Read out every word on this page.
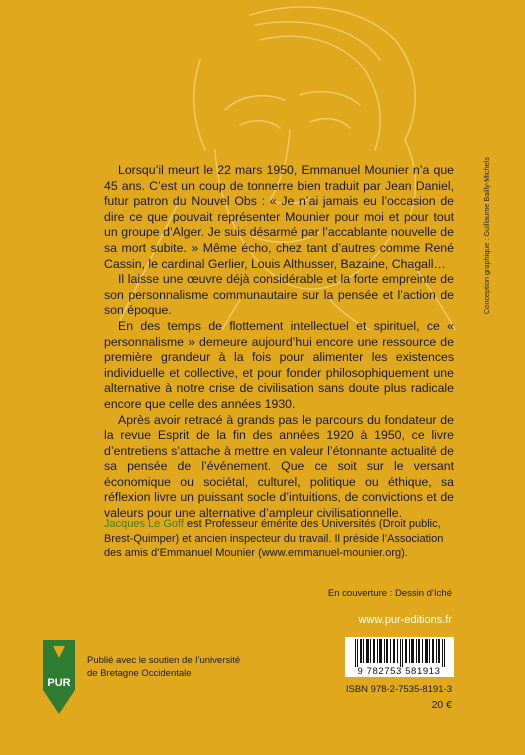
Lorsqu’il meurt le 22 mars 1950, Emmanuel Mounier n’a que 45 ans. C’est un coup de tonnerre bien traduit par Jean Daniel, futur patron du Nouvel Obs : « Je n’ai jamais eu l’occasion de dire ce que pouvait représenter Mounier pour moi et pour tout un groupe d’Alger. Je suis désarmé par l’accablante nouvelle de sa mort subite. » Même écho, chez tant d’autres comme René Cassin, le cardinal Gerlier, Louis Althusser, Bazaine, Chagall…

Il laisse une œuvre déjà considérable et la forte empreinte de son personnalisme communautaire sur la pensée et l’action de son époque.

En des temps de flottement intellectuel et spirituel, ce « personnalisme » demeure aujourd’hui encore une ressource de première grandeur à la fois pour alimenter les existences individuelle et collective, et pour fonder philosophiquement une alternative à notre crise de civilisation sans doute plus radicale encore que celle des années 1930.

Après avoir retracé à grands pas le parcours du fondateur de la revue Esprit de la fin des années 1920 à 1950, ce livre d’entretiens s’attache à mettre en valeur l’étonnante actualité de sa pensée de l’événement. Que ce soit sur le versant économique ou sociétal, culturel, politique ou éthique, sa réflexion livre un puissant socle d’intuitions, de convictions et de valeurs pour une alternative d’ampleur civilisationnelle.

Jacques Le Goff est Professeur émérite des Universités (Droit public, Brest-Quimper) et ancien inspecteur du travail. Il préside l’Association des amis d’Emmanuel Mounier (www.emmanuel-mounier.org).

Conception graphique : Guillaume Bailly-Michels
En couverture : Dessin d’Iché
www.pur-editions.fr
9 782753 581913
ISBN 978-2-7535-8191-3
20 €
PUR

Publié avec le soutien de l’université
de Bretagne Occidentale
